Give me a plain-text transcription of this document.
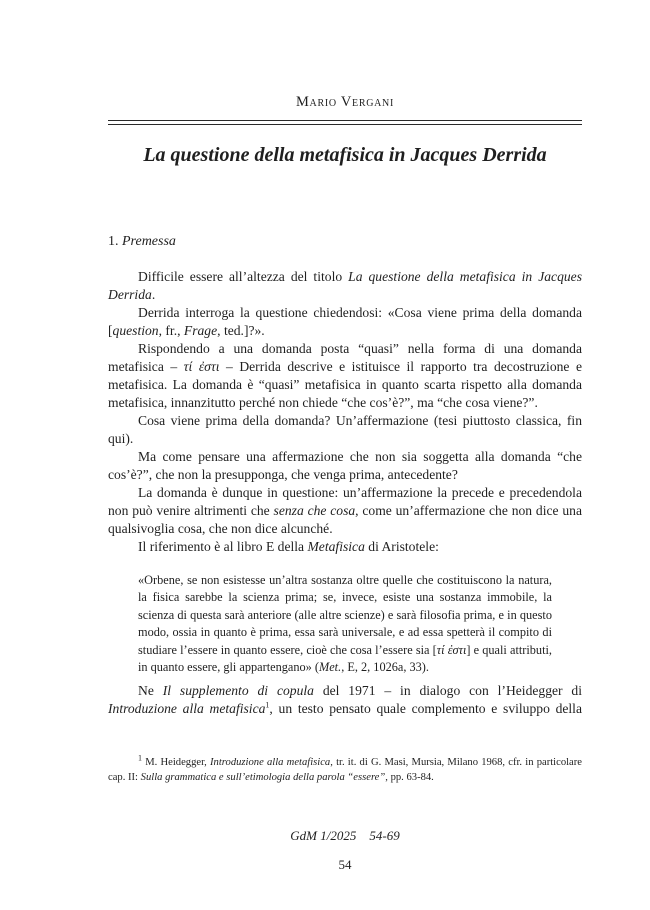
Mario Vergani
La questione della metafisica in Jacques Derrida
1. Premessa

Difficile essere all’altezza del titolo La questione della metafisica in Jacques Derrida.

Derrida interroga la questione chiedendosi: «Cosa viene prima della domanda [question, fr., Frage, ted.]?».

Rispondendo a una domanda posta “quasi” nella forma di una domanda metafisica – τί ἐστι – Derrida descrive e istituisce il rapporto tra decostruzione e metafisica. La domanda è “quasi” metafisica in quanto scarta rispetto alla domanda metafisica, innanzitutto perché non chiede “che cos’è?”, ma “che cosa viene?”.

Cosa viene prima della domanda? Un’affermazione (tesi piuttosto classica, fin qui).

Ma come pensare una affermazione che non sia soggetta alla domanda “che cos’è?”, che non la presupponga, che venga prima, antecedente?

La domanda è dunque in questione: un’affermazione la precede e precedendola non può venire altrimenti che senza che cosa, come un’affermazione che non dice una qualsivoglia cosa, che non dice alcunché.

Il riferimento è al libro E della Metafisica di Aristotele:

«Orbene, se non esistesse un’altra sostanza oltre quelle che costituiscono la natura, la fisica sarebbe la scienza prima; se, invece, esiste una sostanza immobile, la scienza di questa sarà anteriore (alle altre scienze) e sarà filosofia prima, e in questo modo, ossia in quanto è prima, essa sarà universale, e ad essa spetterà il compito di studiare l’essere in quanto essere, cioè che cosa l’essere sia [τί ἐστι] e quali attributi, in quanto essere, gli appartengano» (Met., E, 2, 1026a, 33).
Ne Il supplemento di copula del 1971 – in dialogo con l’Heidegger di Introduzione alla metafisica$^1$, un testo pensato quale complemento e sviluppo della
$^1$ M. Heidegger, Introduzione alla metafisica, tr. it. di G. Masi, Mursia, Milano 1968, cfr. in particolare cap. II: Sulla grammatica e sull’etimologia della parola “essere”, pp. 63-84.
GdM 1/2025 54-69
54
